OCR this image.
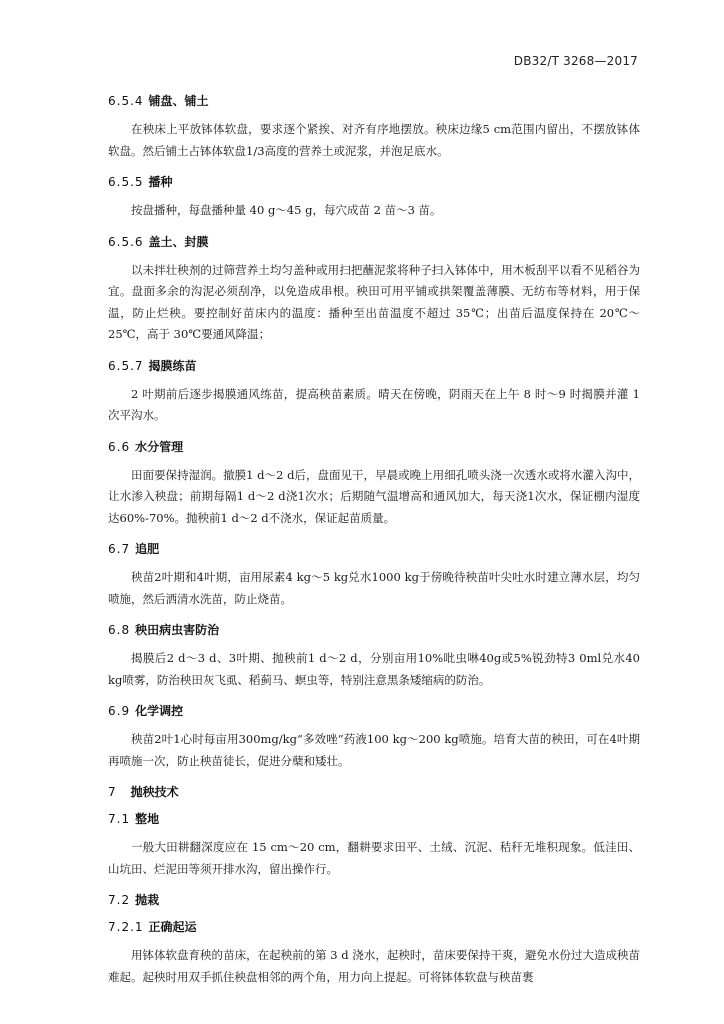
DB32/T 3268—2017
6.5.4 铺盘、铺土

在秧床上平放钵体软盘，要求逐个紧挨、对齐有序地摆放。秧床边缘5 cm范围内留出，不摆放钵体软盘。然后铺土占钵体软盘1/3高度的营养土或泥浆，并泡足底水。

6.5.5 播种

按盘播种，每盘播种量 40 g～45 g，每穴成苗 2 苗～3 苗。

6.5.6 盖土、封膜

以未拌壮秧剂的过筛营养土均匀盖种或用扫把蘸泥浆将种子扫入钵体中，用木板刮平以看不见稻谷为宜。盘面多余的沟泥必须刮净，以免造成串根。秧田可用平铺或拱架覆盖薄膜、无纺布等材料，用于保温，防止烂秧。要控制好苗床内的温度：播种至出苗温度不超过 35℃；出苗后温度保持在 20℃～25℃，高于 30℃要通风降温；

6.5.7 揭膜练苗

2 叶期前后逐步揭膜通风练苗，提高秧苗素质。晴天在傍晚，阴雨天在上午 8 时～9 时揭膜并灌 1 次平沟水。

6.6 水分管理

田面要保持湿润。撤膜1 d～2 d后，盘面见干，早晨或晚上用细孔喷头浇一次透水或将水灌入沟中，让水渗入秧盘；前期每隔1 d～2 d浇1次水；后期随气温增高和通风加大，每天浇1次水，保证棚内湿度达60%-70%。抛秧前1 d～2 d不浇水，保证起苗质量。

6.7 追肥

秧苗2叶期和4叶期，亩用尿素4 kg～5 kg兑水1000 kg于傍晚待秧苗叶尖吐水时建立薄水层，均匀喷施，然后洒清水洗苗，防止烧苗。

6.8 秧田病虫害防治

揭膜后2 d～3 d、3叶期、抛秧前1 d～2 d，分别亩用10%吡虫啉40g或5%锐劲特3 0ml兑水40 kg喷雾，防治秧田灰飞虱、稻蓟马、螟虫等，特别注意黑条矮缩病的防治。

6.9 化学调控

秧苗2叶1心时每亩用300mg/kg“多效唑”药液100 kg～200 kg喷施。培育大苗的秧田，可在4叶期再喷施一次，防止秧苗徒长，促进分蘖和矮壮。

7 抛秧技术
7.1 整地

一般大田耕翻深度应在 15 cm～20 cm，翻耕要求田平、土绒、沉泥、秸秆无堆积现象。低洼田、山坑田、烂泥田等须开排水沟，留出操作行。

7.2 抛栽
7.2.1 正确起运

用钵体软盘育秧的苗床，在起秧前的第 3 d 浇水，起秧时，苗床要保持干爽，避免水份过大造成秧苗难起。起秧时用双手抓住秧盘相邻的两个角，用力向上提起。可将钵体软盘与秧苗裹
